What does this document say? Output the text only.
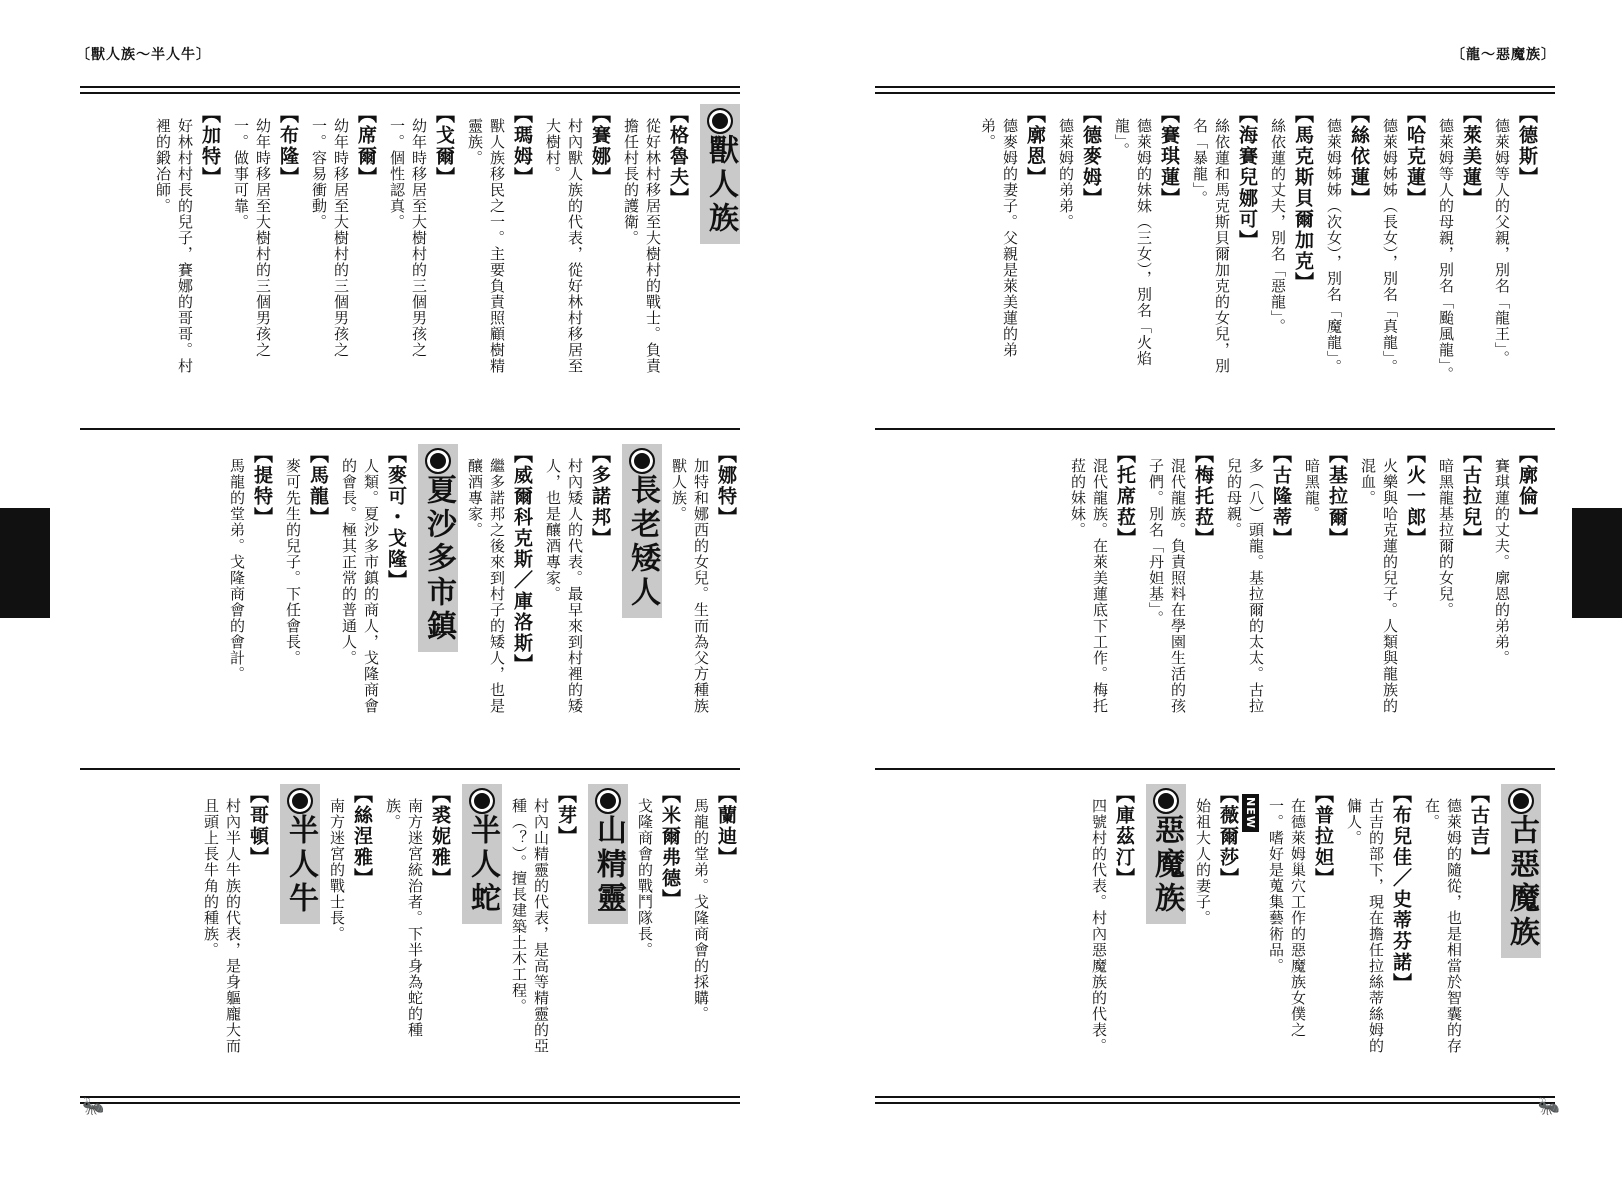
〔獸人族〜半人牛〕
獸人族
【格魯夫】
從好林村移居至大樹村的戰士。負責擔任村長的護衛。
【賽娜】
村內獸人族的代表，從好林村移居至大樹村。
【瑪姆】
獸人族移民之一。主要負責照顧樹精靈族。
【戈爾】
幼年時移居至大樹村的三個男孩之一。個性認真。
【席爾】
幼年時移居至大樹村的三個男孩之一。容易衝動。
【布隆】
幼年時移居至大樹村的三個男孩之一。做事可靠。
【加特】
好林村村長的兒子，賽娜的哥哥。村裡的鍛冶師。
【娜特】
加特和娜西的女兒。生而為父方種族獸人族。
長老矮人
【多諾邦】
村內矮人的代表。最早來到村裡的矮人，也是釀酒專家。
【威爾科克斯／庫洛斯】
繼多諾邦之後來到村子的矮人，也是釀酒專家。
夏沙多市鎮
【麥可・戈隆】
人類。夏沙多市鎮的商人，戈隆商會的會長。極其正常的普通人。
【馬龍】
麥可先生的兒子。下任會長。
【提特】
馬龍的堂弟。戈隆商會的會計。
【蘭迪】
馬龍的堂弟。戈隆商會的採購。
【米爾弗德】
戈隆商會的戰鬥隊長。
山精靈
【芽】
村內山精靈的代表，是高等精靈的亞種（？）。擅長建築土木工程。
半人蛇
【裘妮雅】
南方迷宮統治者。下半身為蛇的種族。
【絲涅雅】
南方迷宮的戰士長。
半人牛
【哥頓】
村內半人牛族的代表，是身軀龐大而且頭上長牛角的種族。
🐜
〔龍〜惡魔族〕
【德斯】
德萊姆等人的父親，別名「龍王」。
【萊美蓮】
德萊姆等人的母親，別名「颱風龍」。
【哈克蓮】
德萊姆姊姊（長女），別名「真龍」。
【絲依蓮】
德萊姆姊姊（次女），別名「魔龍」。
【馬克斯貝爾加克】
絲依蓮的丈夫，別名「惡龍」。
【海賽兒娜可】
絲依蓮和馬克斯貝爾加克的女兒，別名「暴龍」。
【賽琪蓮】
德萊姆的妹妹（三女），別名「火焰龍」。
【德麥姆】
德萊姆的弟弟。
【廓恩】
德麥姆的妻子。父親是萊美蓮的弟弟。
【廓倫】
賽琪蓮的丈夫。廓恩的弟弟。
【古拉兒】
暗黑龍基拉爾的女兒。
【火一郎】
火樂與哈克蓮的兒子。人類與龍族的混血。
【基拉爾】
暗黑龍。
【古隆蒂】
多（八）頭龍。基拉爾的太太。古拉兒的母親。
【梅托菈】
混代龍族。負責照料在學園生活的孩子們。別名「丹妲基」。
【托席菈】
混代龍族。在萊美蓮底下工作。梅托菈的妹妹。
古惡魔族
【古吉】
德萊姆的隨從，也是相當於智囊的存在。
【布兒佳／史蒂芬諾】
古吉的部下，現在擔任拉絲蒂絲姆的傭人。
【普拉妲】
在德萊姆巢穴工作的惡魔族女僕之一。嗜好是蒐集藝術品。
NEW
【薇爾莎】
始祖大人的妻子。
惡魔族
【庫茲汀】
四號村的代表。村內惡魔族的代表。
🐜
